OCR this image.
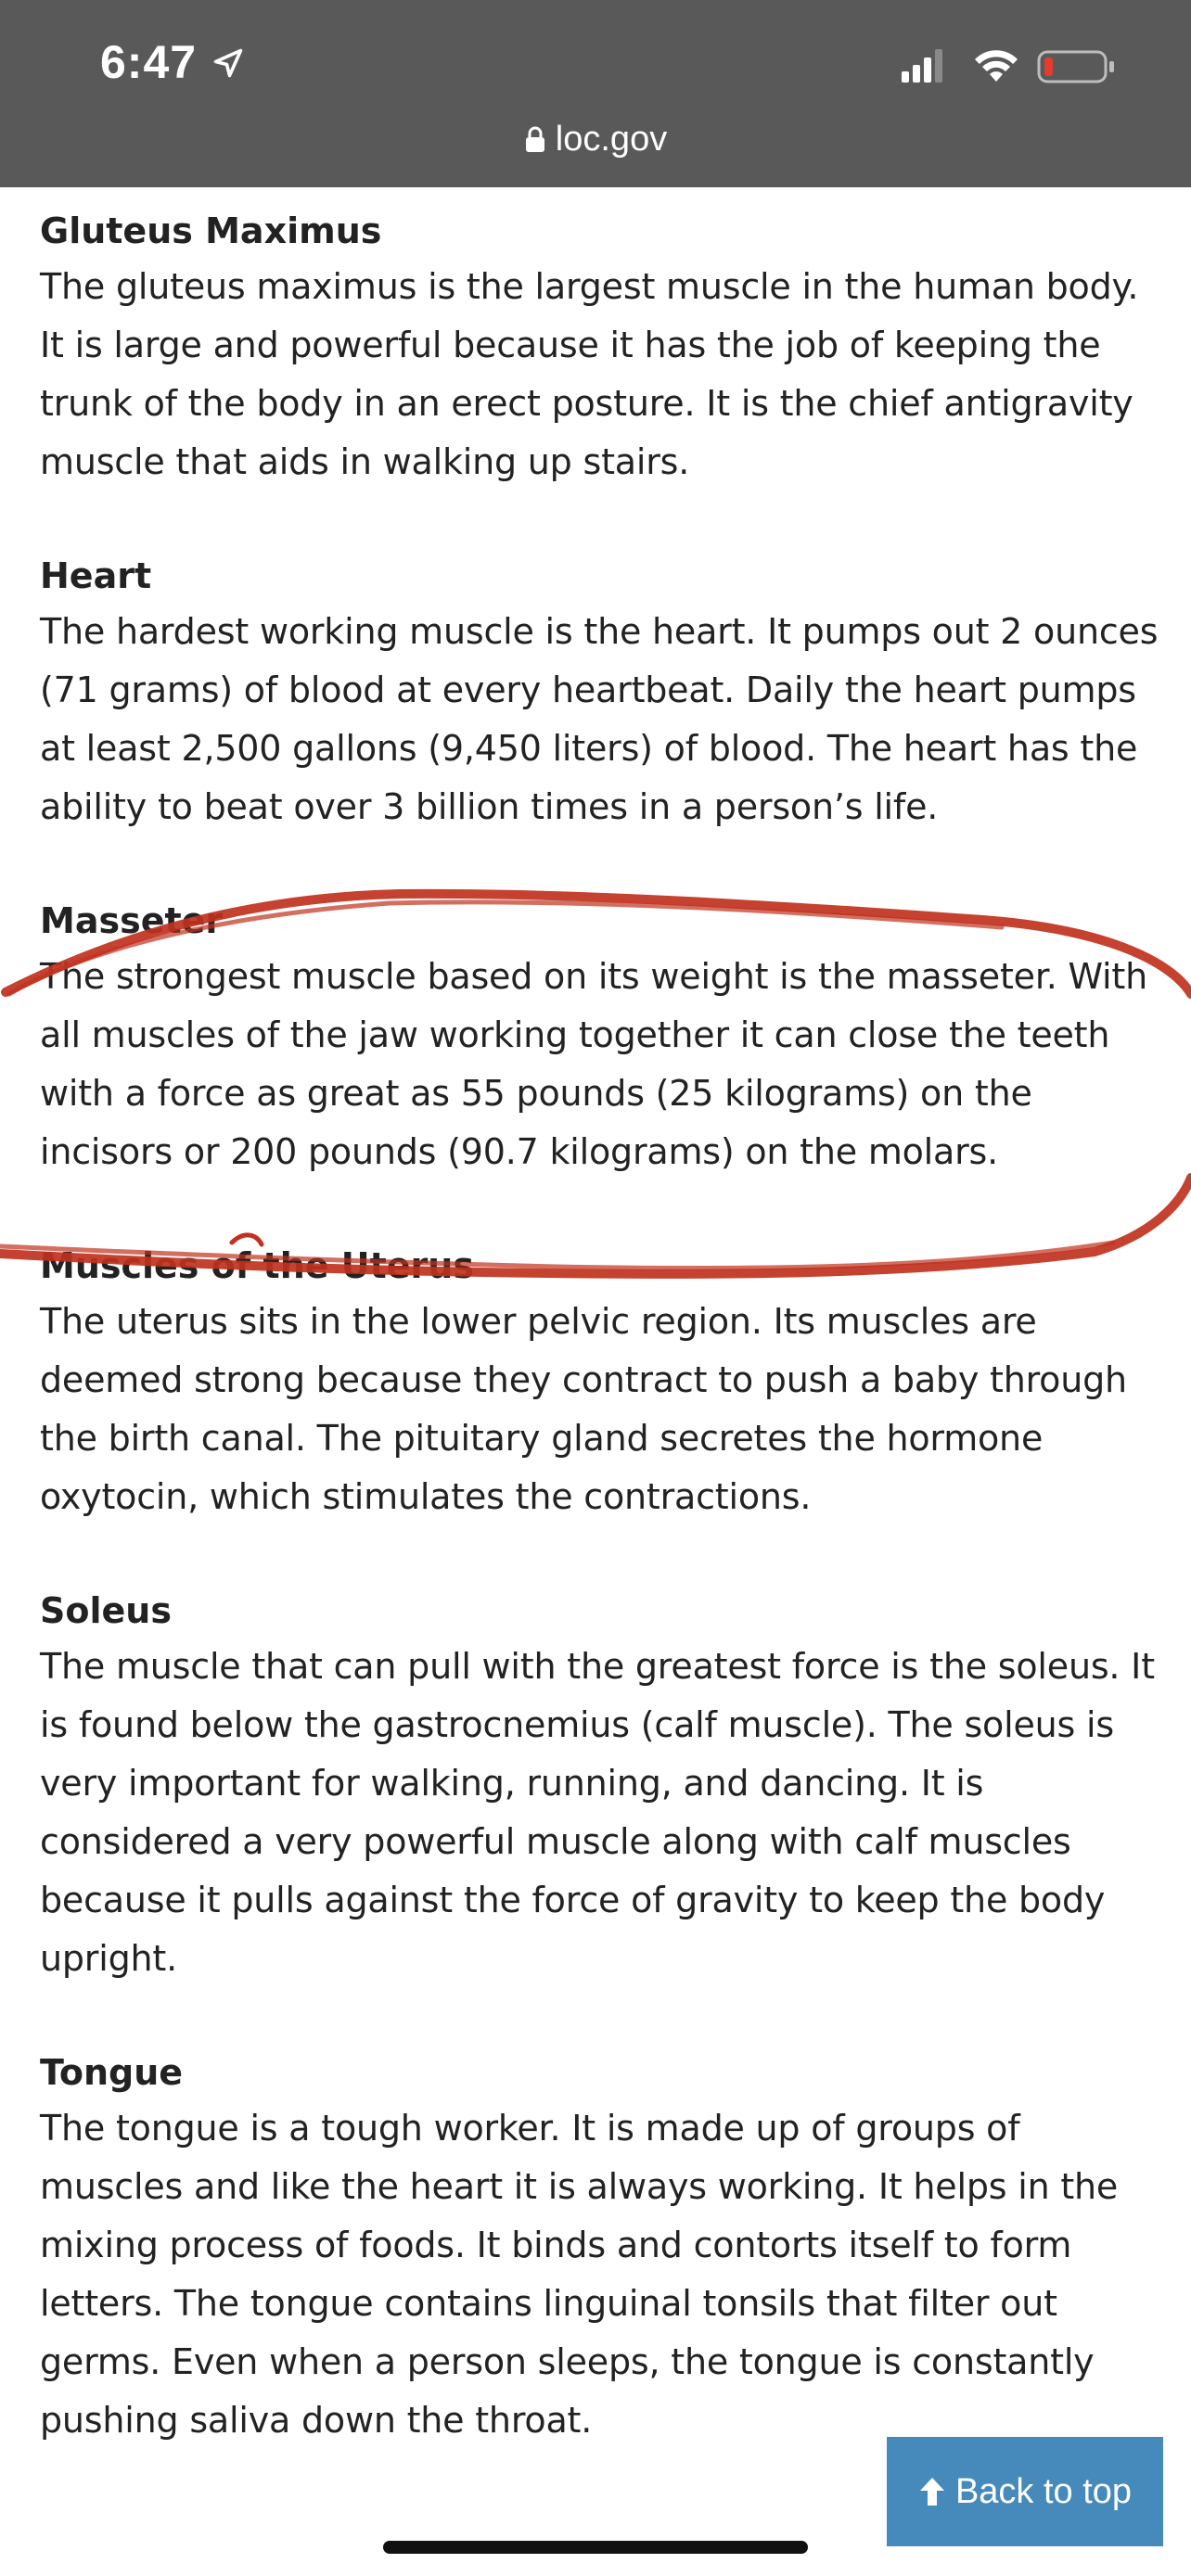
6:47
loc.gov
Gluteus Maximus

The gluteus maximus is the largest muscle in the human body. It is large and powerful because it has the job of keeping the trunk of the body in an erect posture. It is the chief antigravity muscle that aids in walking up stairs.

Heart

The hardest working muscle is the heart. It pumps out 2 ounces (71 grams) of blood at every heartbeat. Daily the heart pumps at least 2,500 gallons (9,450 liters) of blood. The heart has the ability to beat over 3 billion times in a person’s life.

Masseter

The strongest muscle based on its weight is the masseter. With all muscles of the jaw working together it can close the teeth with a force as great as 55 pounds (25 kilograms) on the incisors or 200 pounds (90.7 kilograms) on the molars.

Muscles of the Uterus

The uterus sits in the lower pelvic region. Its muscles are deemed strong because they contract to push a baby through the birth canal. The pituitary gland secretes the hormone oxytocin, which stimulates the contractions.

Soleus

The muscle that can pull with the greatest force is the soleus. It is found below the gastrocnemius (calf muscle). The soleus is very important for walking, running, and dancing. It is considered a very powerful muscle along with calf muscles because it pulls against the force of gravity to keep the body upright.

Tongue

The tongue is a tough worker. It is made up of groups of muscles and like the heart it is always working. It helps in the mixing process of foods. It binds and contorts itself to form letters. The tongue contains linguinal tonsils that filter out germs. Even when a person sleeps, the tongue is constantly pushing saliva down the throat.

Back to top
